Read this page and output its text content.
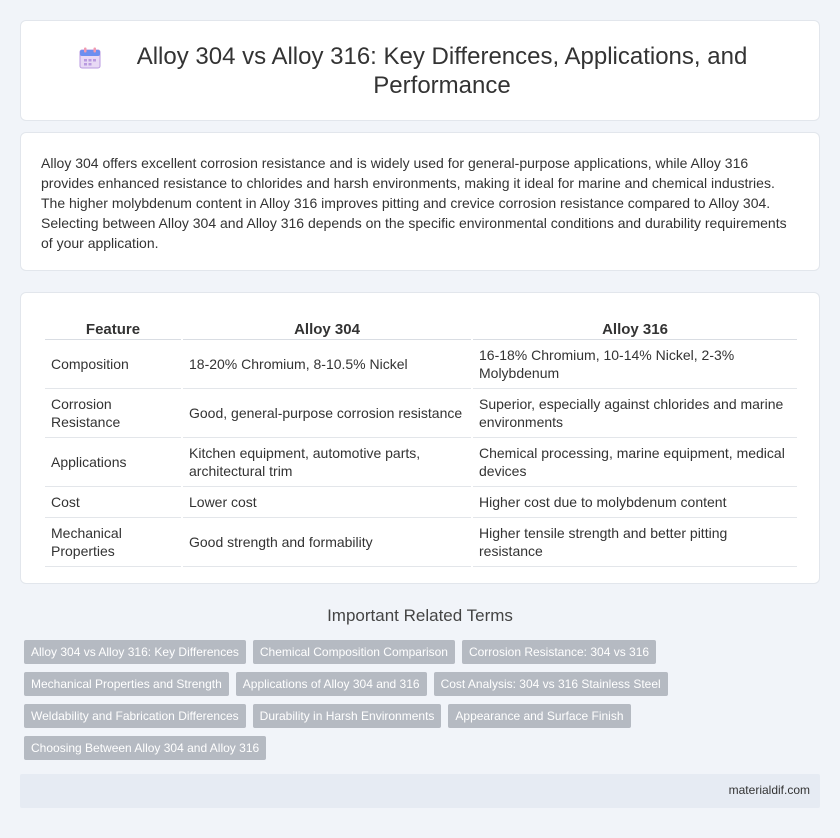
Alloy 304 vs Alloy 316: Key Differences, Applications, and Performance

Alloy 304 offers excellent corrosion resistance and is widely used for general-purpose applications, while Alloy 316 provides enhanced resistance to chlorides and harsh environments, making it ideal for marine and chemical industries. The higher molybdenum content in Alloy 316 improves pitting and crevice corrosion resistance compared to Alloy 304. Selecting between Alloy 304 and Alloy 316 depends on the specific environmental conditions and durability requirements of your application.

Feature	Alloy 304	Alloy 316
Composition	18-20% Chromium, 8-10.5% Nickel	16-18% Chromium, 10-14% Nickel, 2-3% Molybdenum
Corrosion Resistance	Good, general-purpose corrosion resistance	Superior, especially against chlorides and marine environments
Applications	Kitchen equipment, automotive parts, architectural trim	Chemical processing, marine equipment, medical devices
Cost	Lower cost	Higher cost due to molybdenum content
Mechanical Properties	Good strength and formability	Higher tensile strength and better pitting resistance
Important Related Terms
Alloy 304 vs Alloy 316: Key Differences	Chemical Composition Comparison	Corrosion Resistance: 304 vs 316
Mechanical Properties and Strength	Applications of Alloy 304 and 316	Cost Analysis: 304 vs 316 Stainless Steel
Weldability and Fabrication Differences	Durability in Harsh Environments	Appearance and Surface Finish
Choosing Between Alloy 304 and Alloy 316
materialdif.com
